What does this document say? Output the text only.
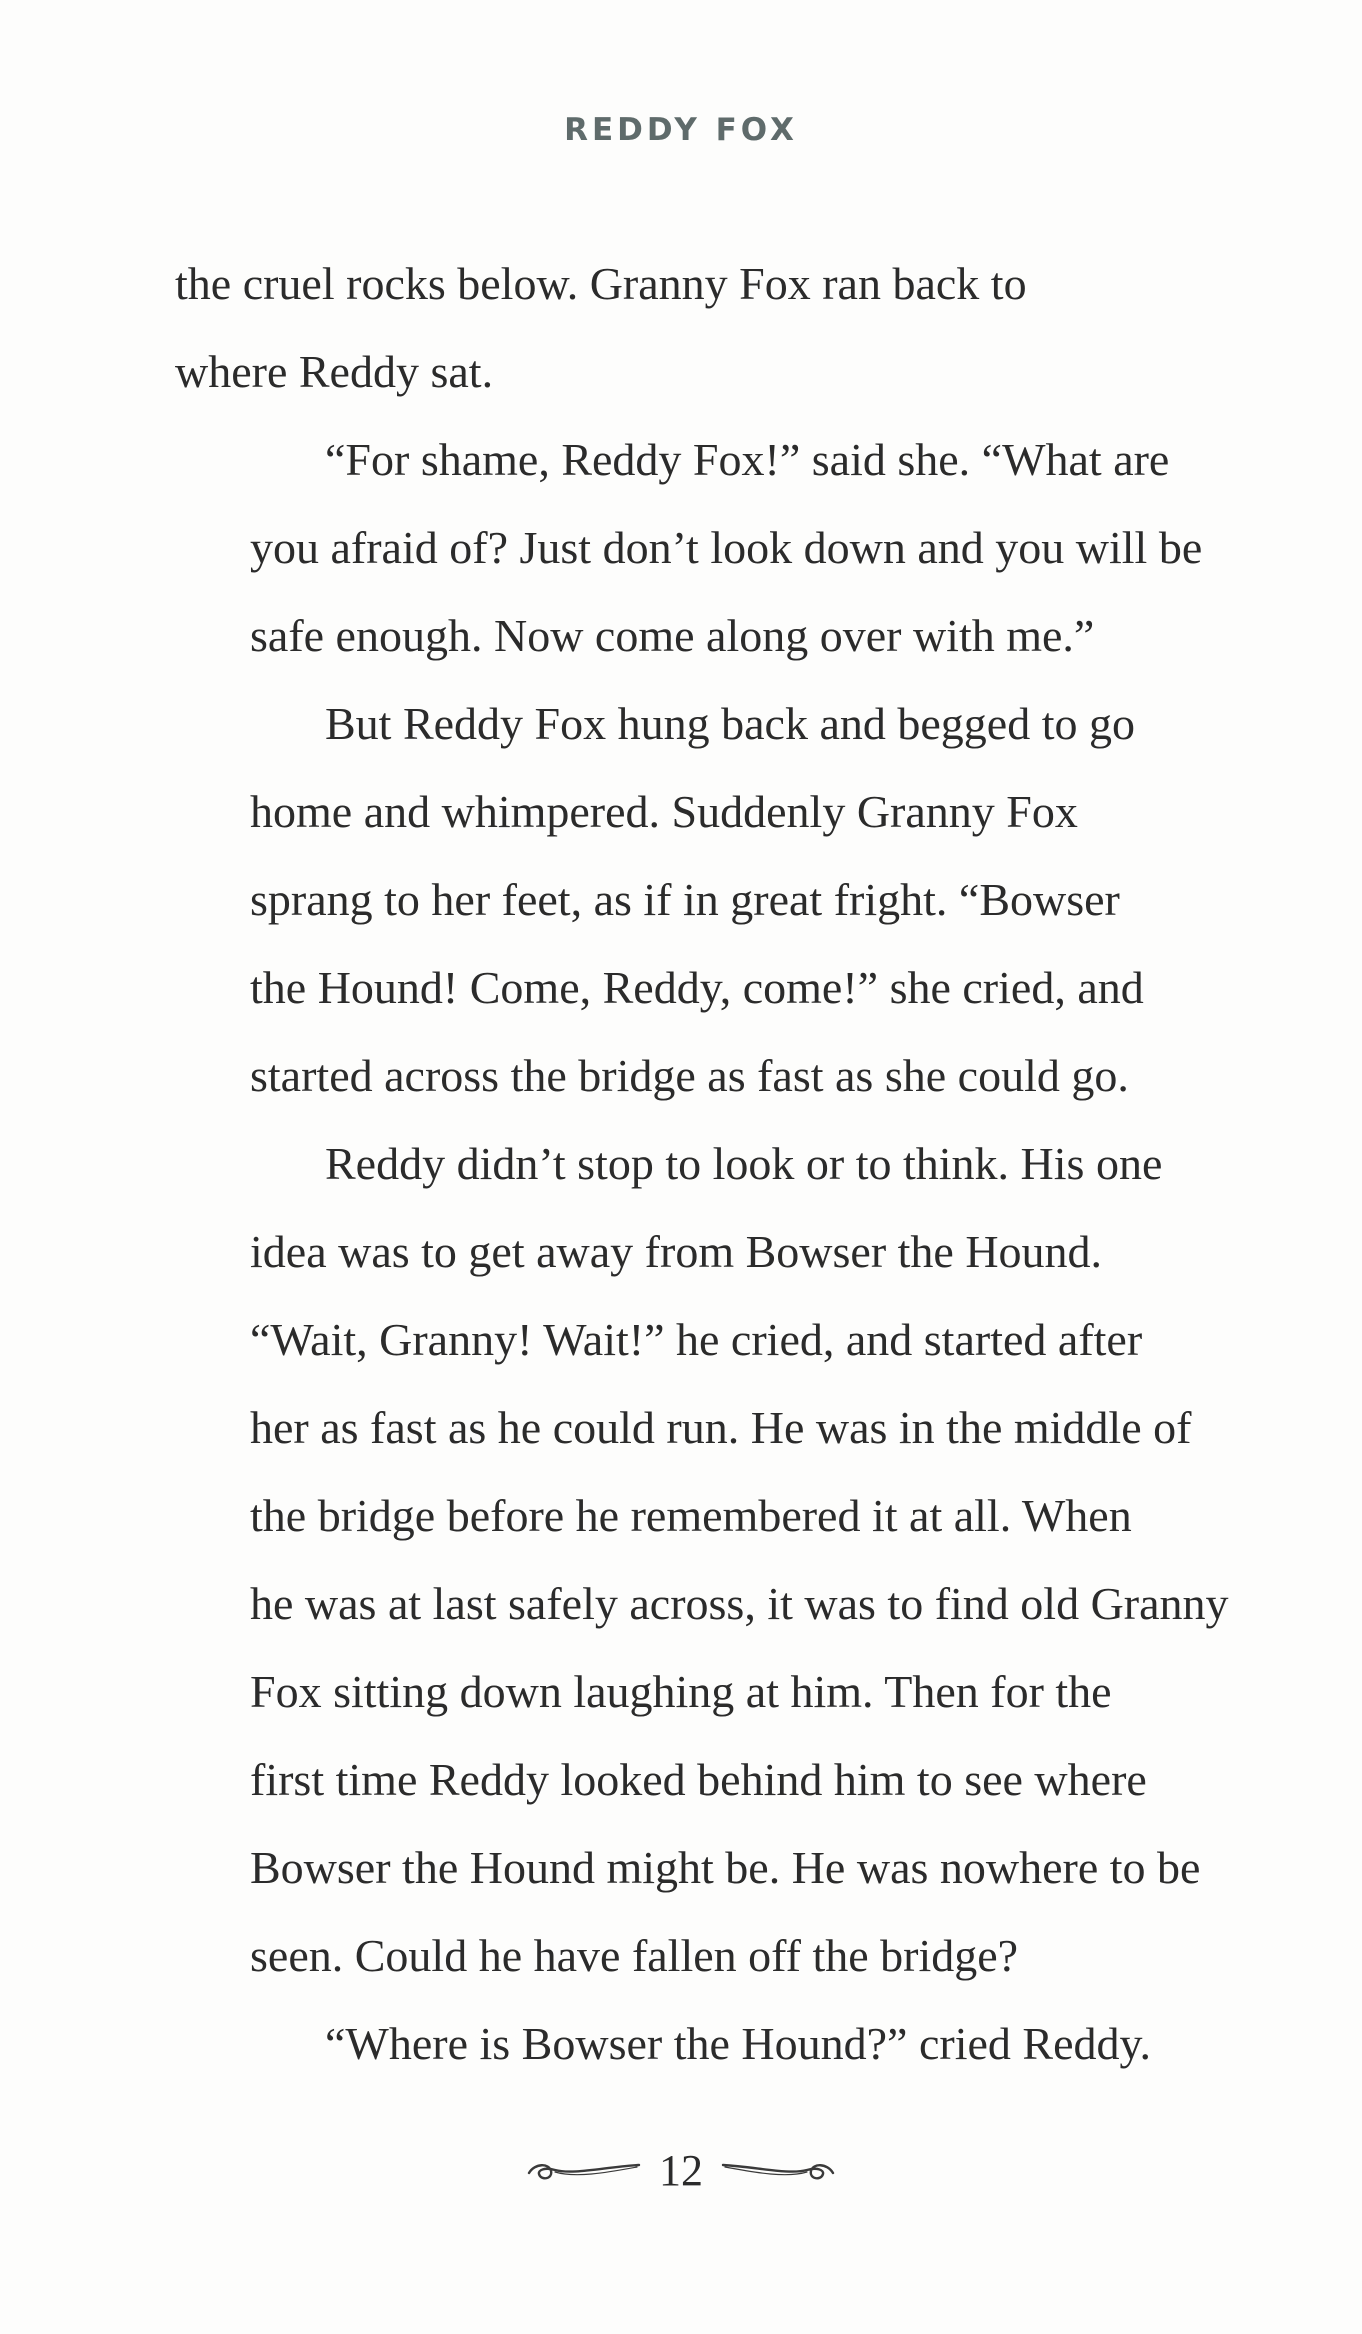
REDDY FOX

the cruel rocks below. Granny Fox ran back to
where Reddy sat.

“For shame, Reddy Fox!” said she. “What are
you afraid of? Just don’t look down and you will be
safe enough. Now come along over with me.”

But Reddy Fox hung back and begged to go
home and whimpered. Suddenly Granny Fox
sprang to her feet, as if in great fright. “Bowser
the Hound! Come, Reddy, come!” she cried, and
started across the bridge as fast as she could go.

Reddy didn’t stop to look or to think. His one
idea was to get away from Bowser the Hound.
“Wait, Granny! Wait!” he cried, and started after
her as fast as he could run. He was in the middle of
the bridge before he remembered it at all. When
he was at last safely across, it was to find old Granny
Fox sitting down laughing at him. Then for the
first time Reddy looked behind him to see where
Bowser the Hound might be. He was nowhere to be
seen. Could he have fallen off the bridge?

“Where is Bowser the Hound?” cried Reddy.

12
